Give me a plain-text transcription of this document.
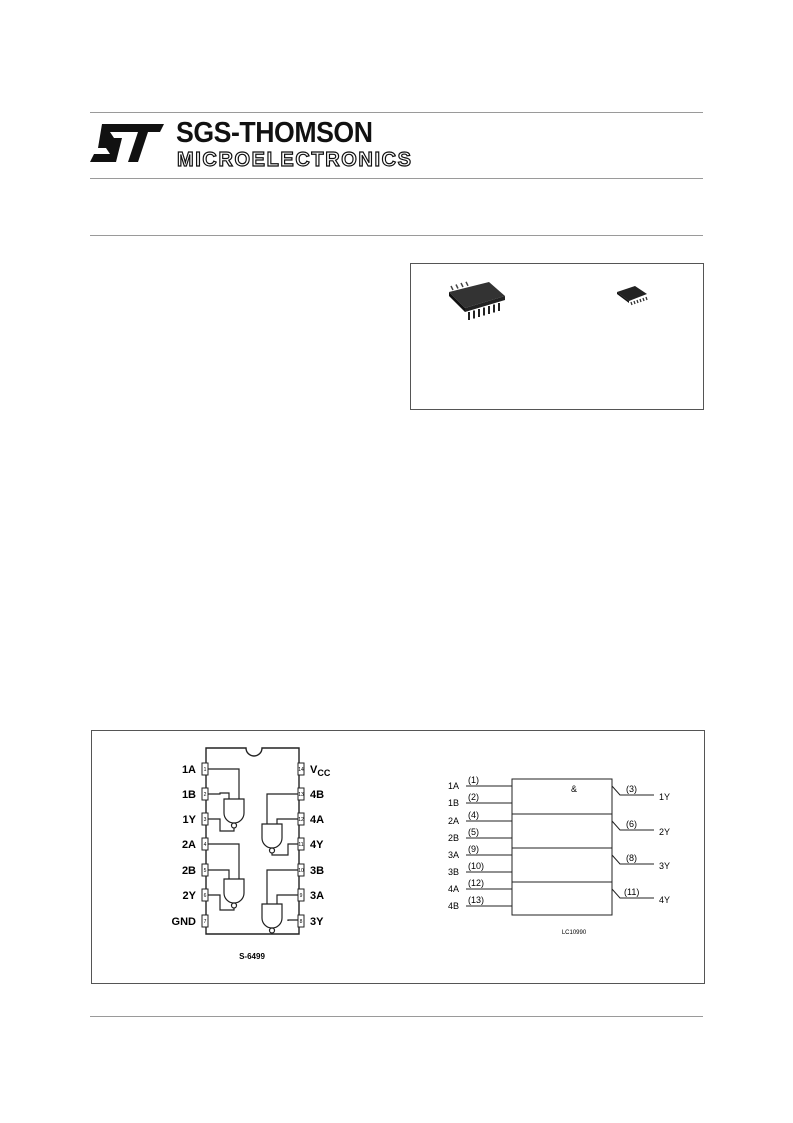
SGS-THOMSON
MICROELECTRONICS
1A
1B
1Y
2A
2B
2Y
GND
$V_{CC}$
4B
4A
4Y
3B
3A
3Y
1
2
3
4
5
6
7
14
13
12
11
10
9
8
S-6499
&
1A
1B
2A
2B
3A
3B
4A
4B
(1)
(2)
(4)
(5)
(9)
(10)
(12)
(13)
(3)
(6)
(8)
(11)
1Y
2Y
3Y
4Y
LC10990
